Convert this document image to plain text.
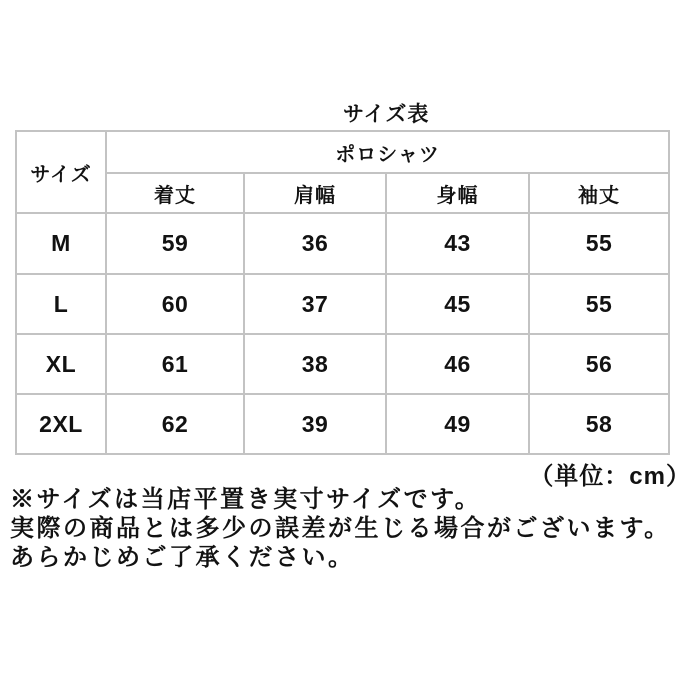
サイズ表
サイズ	ポロシャツ			
	着丈	肩幅	身幅	袖丈
M	59	36	43	55
L	60	37	45	55
XL	61	38	46	56
2XL	62	39	49	58
（単位：cm）
※サイズは当店平置き実寸サイズです。
実際の商品とは多少の誤差が生じる場合がございます。
あらかじめご了承ください。
